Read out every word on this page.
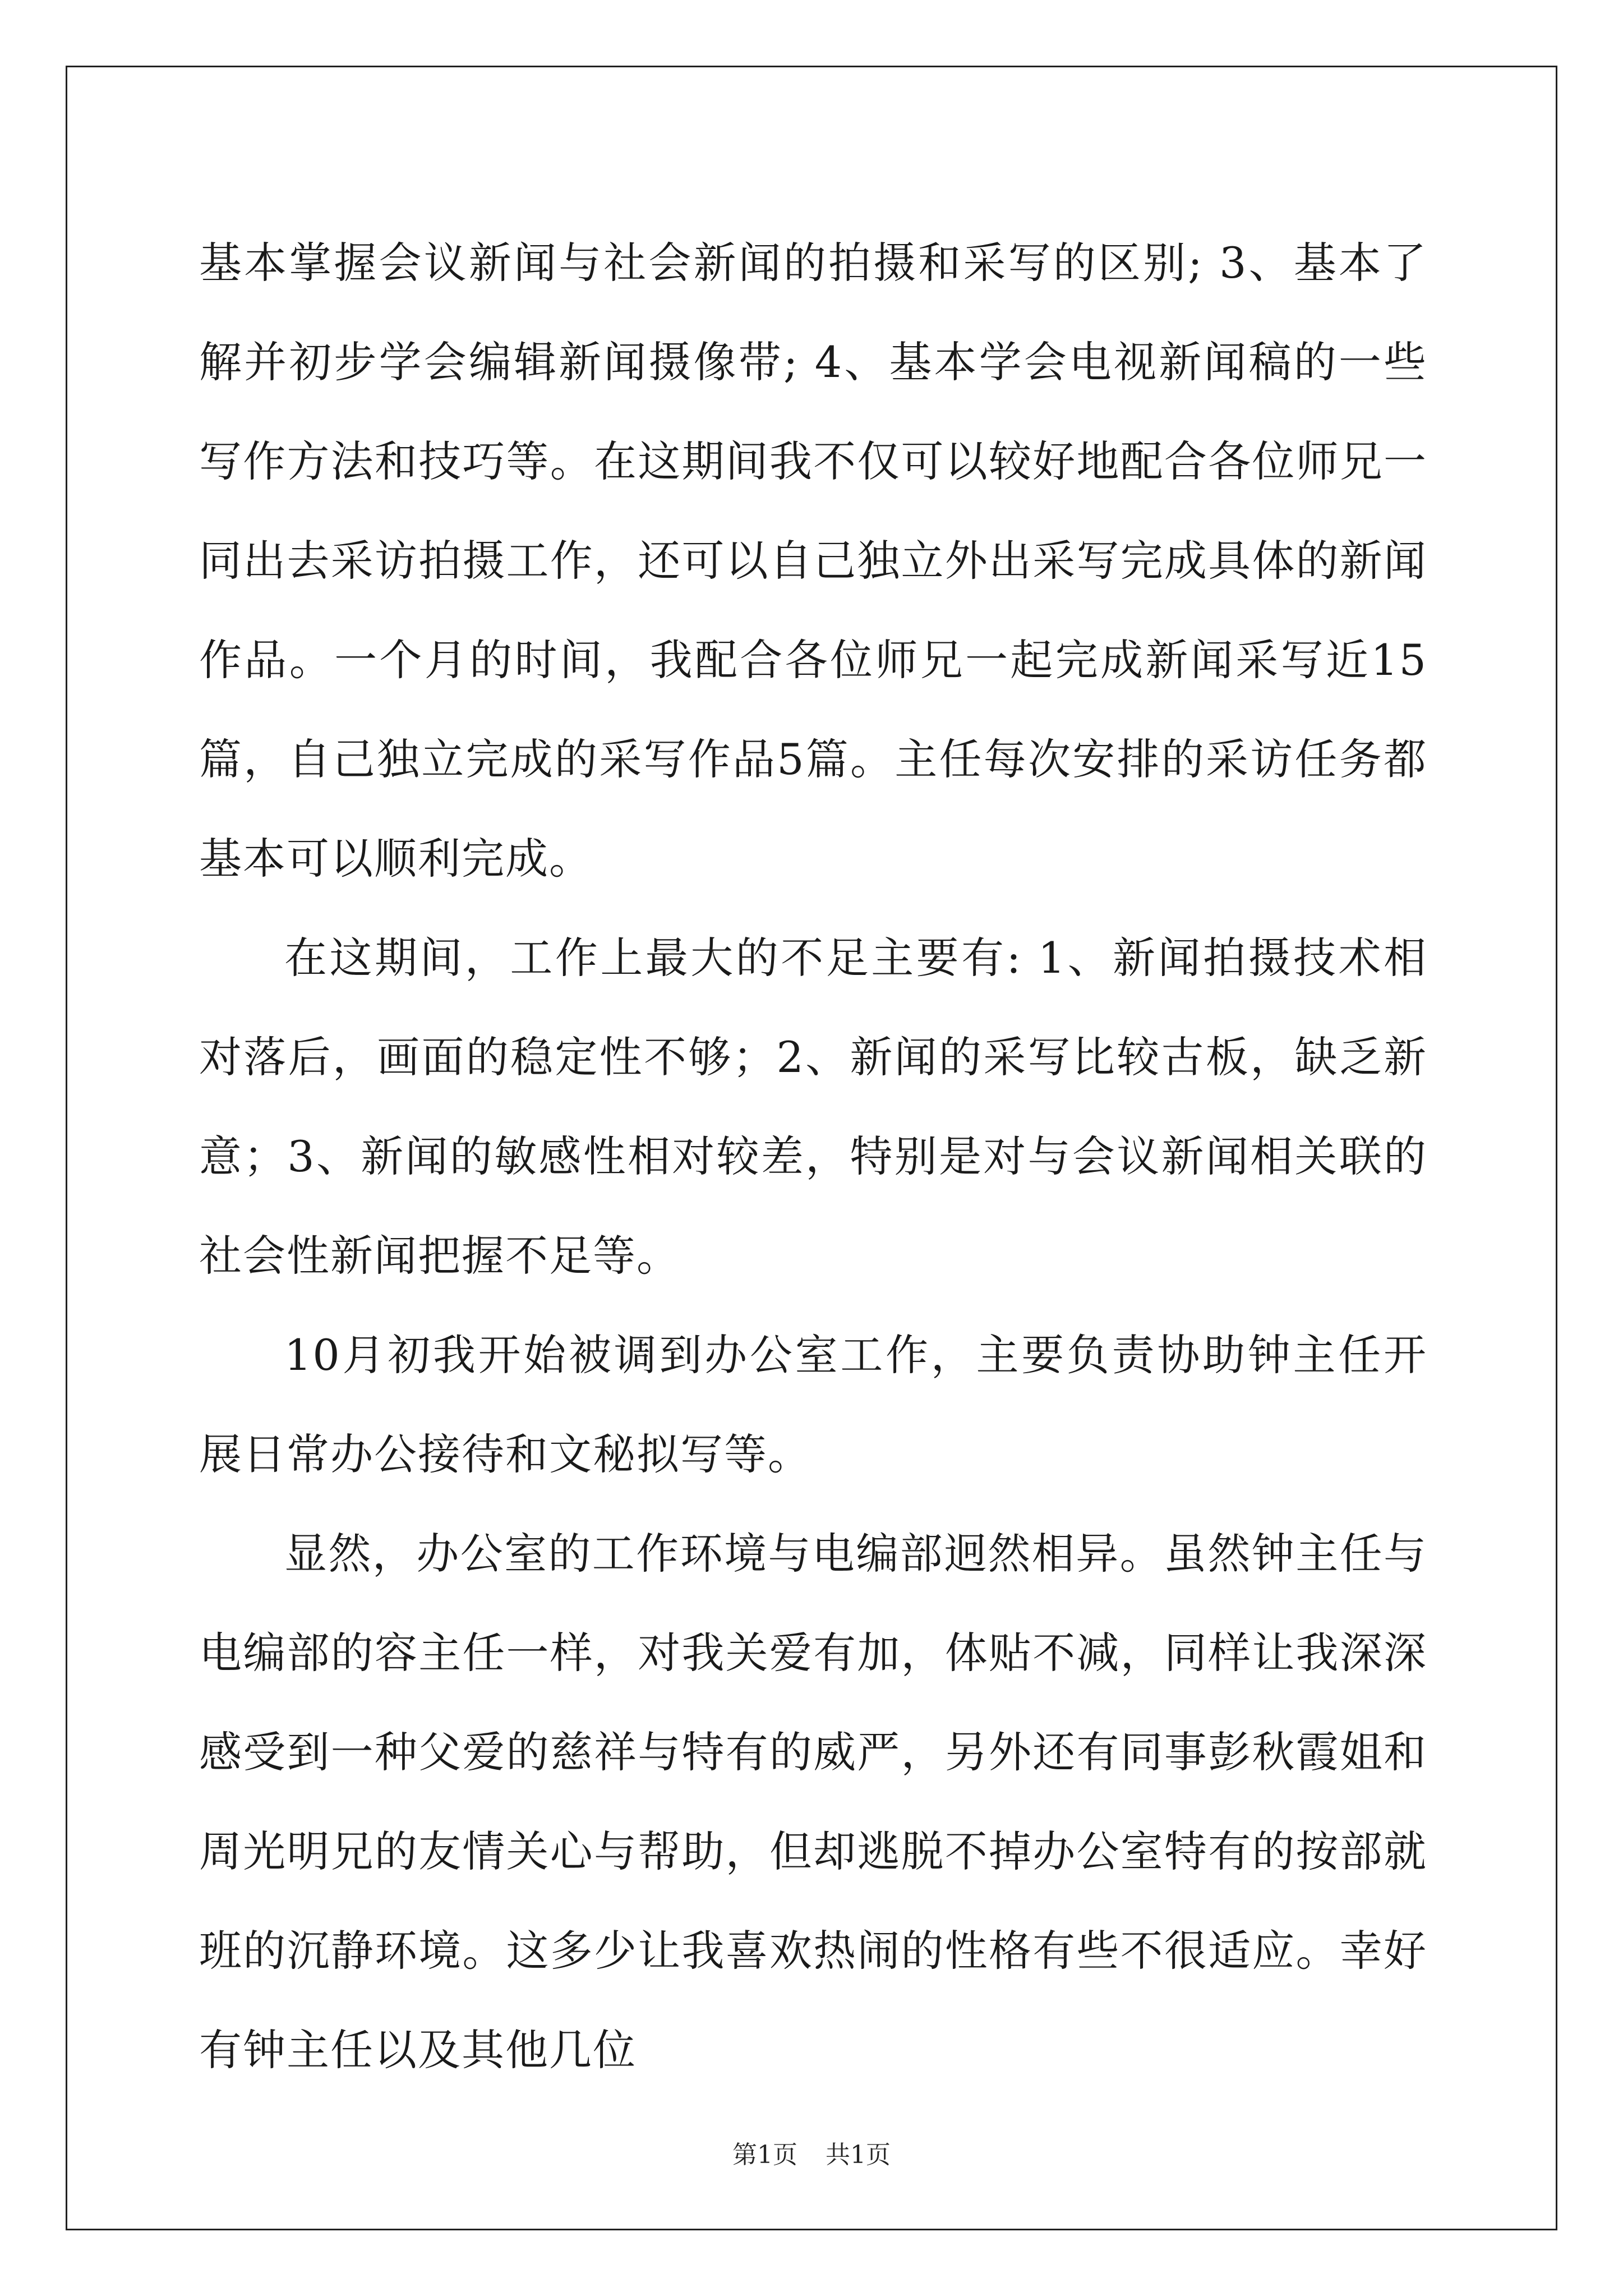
基本掌握会议新闻与社会新闻的拍摄和采写的区别; 3、基本了解并初步学会编辑新闻摄像带; 4、基本学会电视新闻稿的一些写作方法和技巧等。在这期间我不仅可以较好地配合各位师兄一同出去采访拍摄工作，还可以自己独立外出采写完成具体的新闻作品。一个月的时间，我配合各位师兄一起完成新闻采写近15篇，自己独立完成的采写作品5篇。主任每次安排的采访任务都基本可以顺利完成。

在这期间，工作上最大的不足主要有: 1、新闻拍摄技术相对落后，画面的稳定性不够；2、新闻的采写比较古板，缺乏新意；3、新闻的敏感性相对较差，特别是对与会议新闻相关联的社会性新闻把握不足等。

10月初我开始被调到办公室工作，主要负责协助钟主任开展日常办公接待和文秘拟写等。

显然，办公室的工作环境与电编部迥然相异。虽然钟主任与电编部的容主任一样，对我关爱有加，体贴不减，同样让我深深感受到一种父爱的慈祥与特有的威严，另外还有同事彭秋霞姐和周光明兄的友情关心与帮助，但却逃脱不掉办公室特有的按部就班的沉静环境。这多少让我喜欢热闹的性格有些不很适应。幸好有钟主任以及其他几位

第1页 共1页
